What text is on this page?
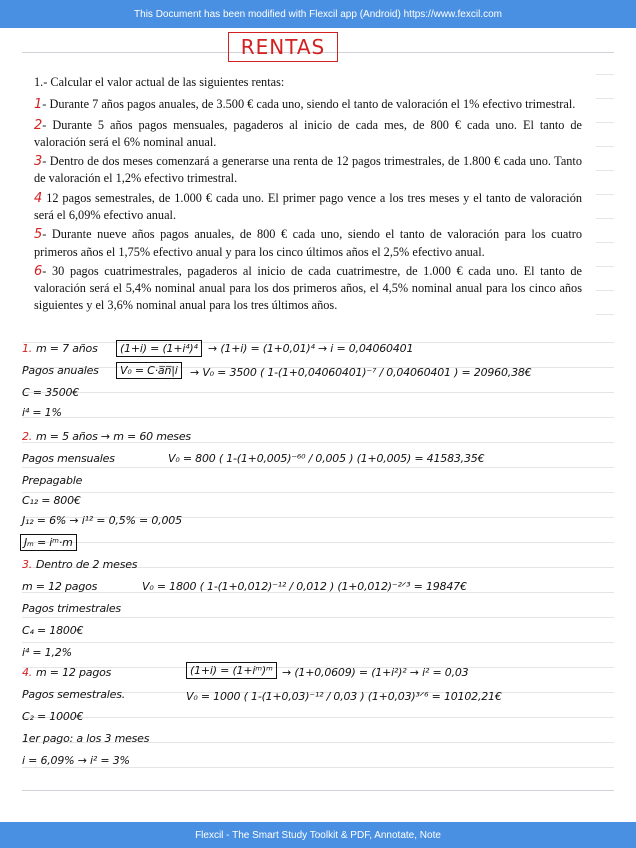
This Document has been modified with Flexcil app (Android) https://www.fexcil.com
RENTAS

1.- Calcular el valor actual de las siguientes rentas:

1- Durante 7 años pagos anuales, de 3.500 € cada uno, siendo el tanto de valoración el 1% efectivo trimestral.

2- Durante 5 años pagos mensuales, pagaderos al inicio de cada mes, de 800 € cada uno. El tanto de valoración será el 6% nominal anual.

3- Dentro de dos meses comenzará a generarse una renta de 12 pagos trimestrales, de 1.800 € cada uno. Tanto de valoración el 1,2% efectivo trimestral.

4 12 pagos semestrales, de 1.000 € cada uno. El primer pago vence a los tres meses y el tanto de valoración será el 6,09% efectivo anual.

5- Durante nueve años pagos anuales, de 800 € cada uno, siendo el tanto de valoración para los cuatro primeros años el 1,75% efectivo anual y para los cinco últimos años el 2,5% efectivo anual.

6- 30 pagos cuatrimestrales, pagaderos al inicio de cada cuatrimestre, de 1.000 € cada uno. El tanto de valoración será el 5,4% nominal anual para los dos primeros años, el 4,5% nominal anual para los cinco años siguientes y el 3,6% nominal anual para los tres últimos años.

1. m = 7 años
Pagos anuales
C = 3500€
i⁴ = 1%
(1+i) = (1+i⁴)⁴ → (1+i) = (1+0,01)⁴ → i = 0,04060401
V₀ = C·a̅n̅|i	→ V₀ = 3500 ( 1-(1+0,04060401)⁻⁷ / 0,04060401 ) = 20960,38€
2. m = 5 años → m = 60 meses
Pagos mensuales	V₀ = 800 ( 1-(1+0,005)⁻⁶⁰ / 0,005 ) (1+0,005) = 41583,35€
Prepagable
C₁₂ = 800€
J₁₂ = 6% → i¹² = 0,5% = 0,005
Jₘ = iᵐ·m
3. Dentro de 2 meses
m = 12 pagos	V₀ = 1800 ( 1-(1+0,012)⁻¹² / 0,012 ) (1+0,012)⁻²ᐟ³ = 19847€
Pagos trimestrales
C₄ = 1800€
i⁴ = 1,2%
4. m = 12 pagos	(1+i) = (1+iᵐ)ᵐ → (1+0,0609) = (1+i²)² → i² = 0,03
Pagos semestrales.	V₀ = 1000 ( 1-(1+0,03)⁻¹² / 0,03 ) (1+0,03)³ᐟ⁶ = 10102,21€
C₂ = 1000€
1er pago: a los 3 meses
i = 6,09% → i² = 3%
Flexcil - The Smart Study Toolkit & PDF, Annotate, Note
